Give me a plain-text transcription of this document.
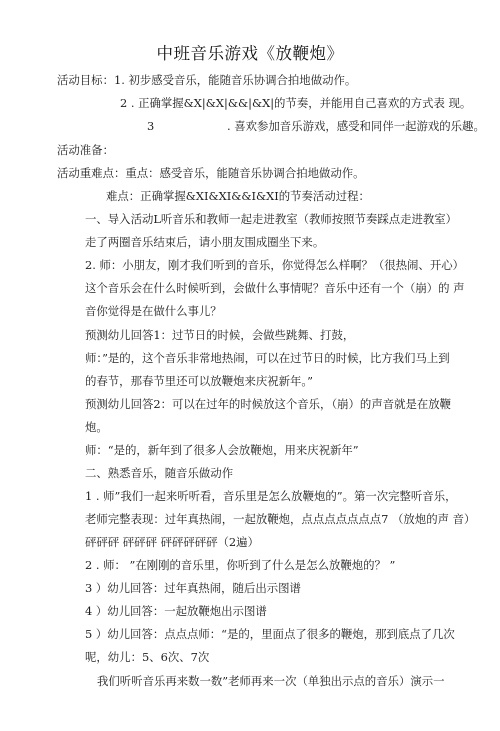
中班音乐游戏《放鞭炮》
活动目标：1. 初步感受音乐，能随音乐协调合拍地做动作。
2 . 正确掌握&X|&X|&&|&X|的节奏，并能用自己喜欢的方式表 现。
3	. 喜欢参加音乐游戏，感受和同伴一起游戏的乐趣。
活动准备：
活动重难点：重点：感受音乐，能随音乐协调合拍地做动作。
难点：正确掌握&XI&XI&&I&XI的节奏活动过程：
一、导入活动L听音乐和教师一起走进教室（教师按照节奏踩点走进教室）
走了两圈音乐结束后，请小朋友围成圈坐下来。
2. 师：小朋友，刚才我们听到的音乐，你觉得怎么样啊？（很热闹、开心）
这个音乐会在什么时候听到，会做什么事情呢？音乐中还有一个（崩）的 声
音你觉得是在做什么事儿？
预测幼儿回答1：过节日的时候，会做些跳舞、打鼓，
师：”是的，这个音乐非常地热闹，可以在过节日的时候，比方我们马上到
的春节，那春节里还可以放鞭炮来庆祝新年。”
预测幼儿回答2：可以在过年的时候放这个音乐，（崩）的声音就是在放鞭
炮。
师：“是的，新年到了很多人会放鞭炮，用来庆祝新年”
二、熟悉音乐，随音乐做动作
1 . 师”我们一起来听听看，音乐里是怎么放鞭炮的”。第一次完整听音乐，
老师完整表现：过年真热闹，一起放鞭炮，点点点点点点点7 （放炮的声 音）
砰砰砰 砰砰砰 砰砰砰砰砰（2遍）
2 . 师： ”在刚刚的音乐里，你听到了什么是怎么放鞭炮的？ ”
3 ）幼儿回答：过年真热闹，随后出示图谱
4 ）幼儿回答：一起放鞭炮出示图谱
5 ）幼儿回答：点点点师：“是的，里面点了很多的鞭炮，那到底点了几次
呢，幼儿：5、6次、7次
我们听听音乐再来数一数”老师再来一次（单独出示点的音乐）演示一
